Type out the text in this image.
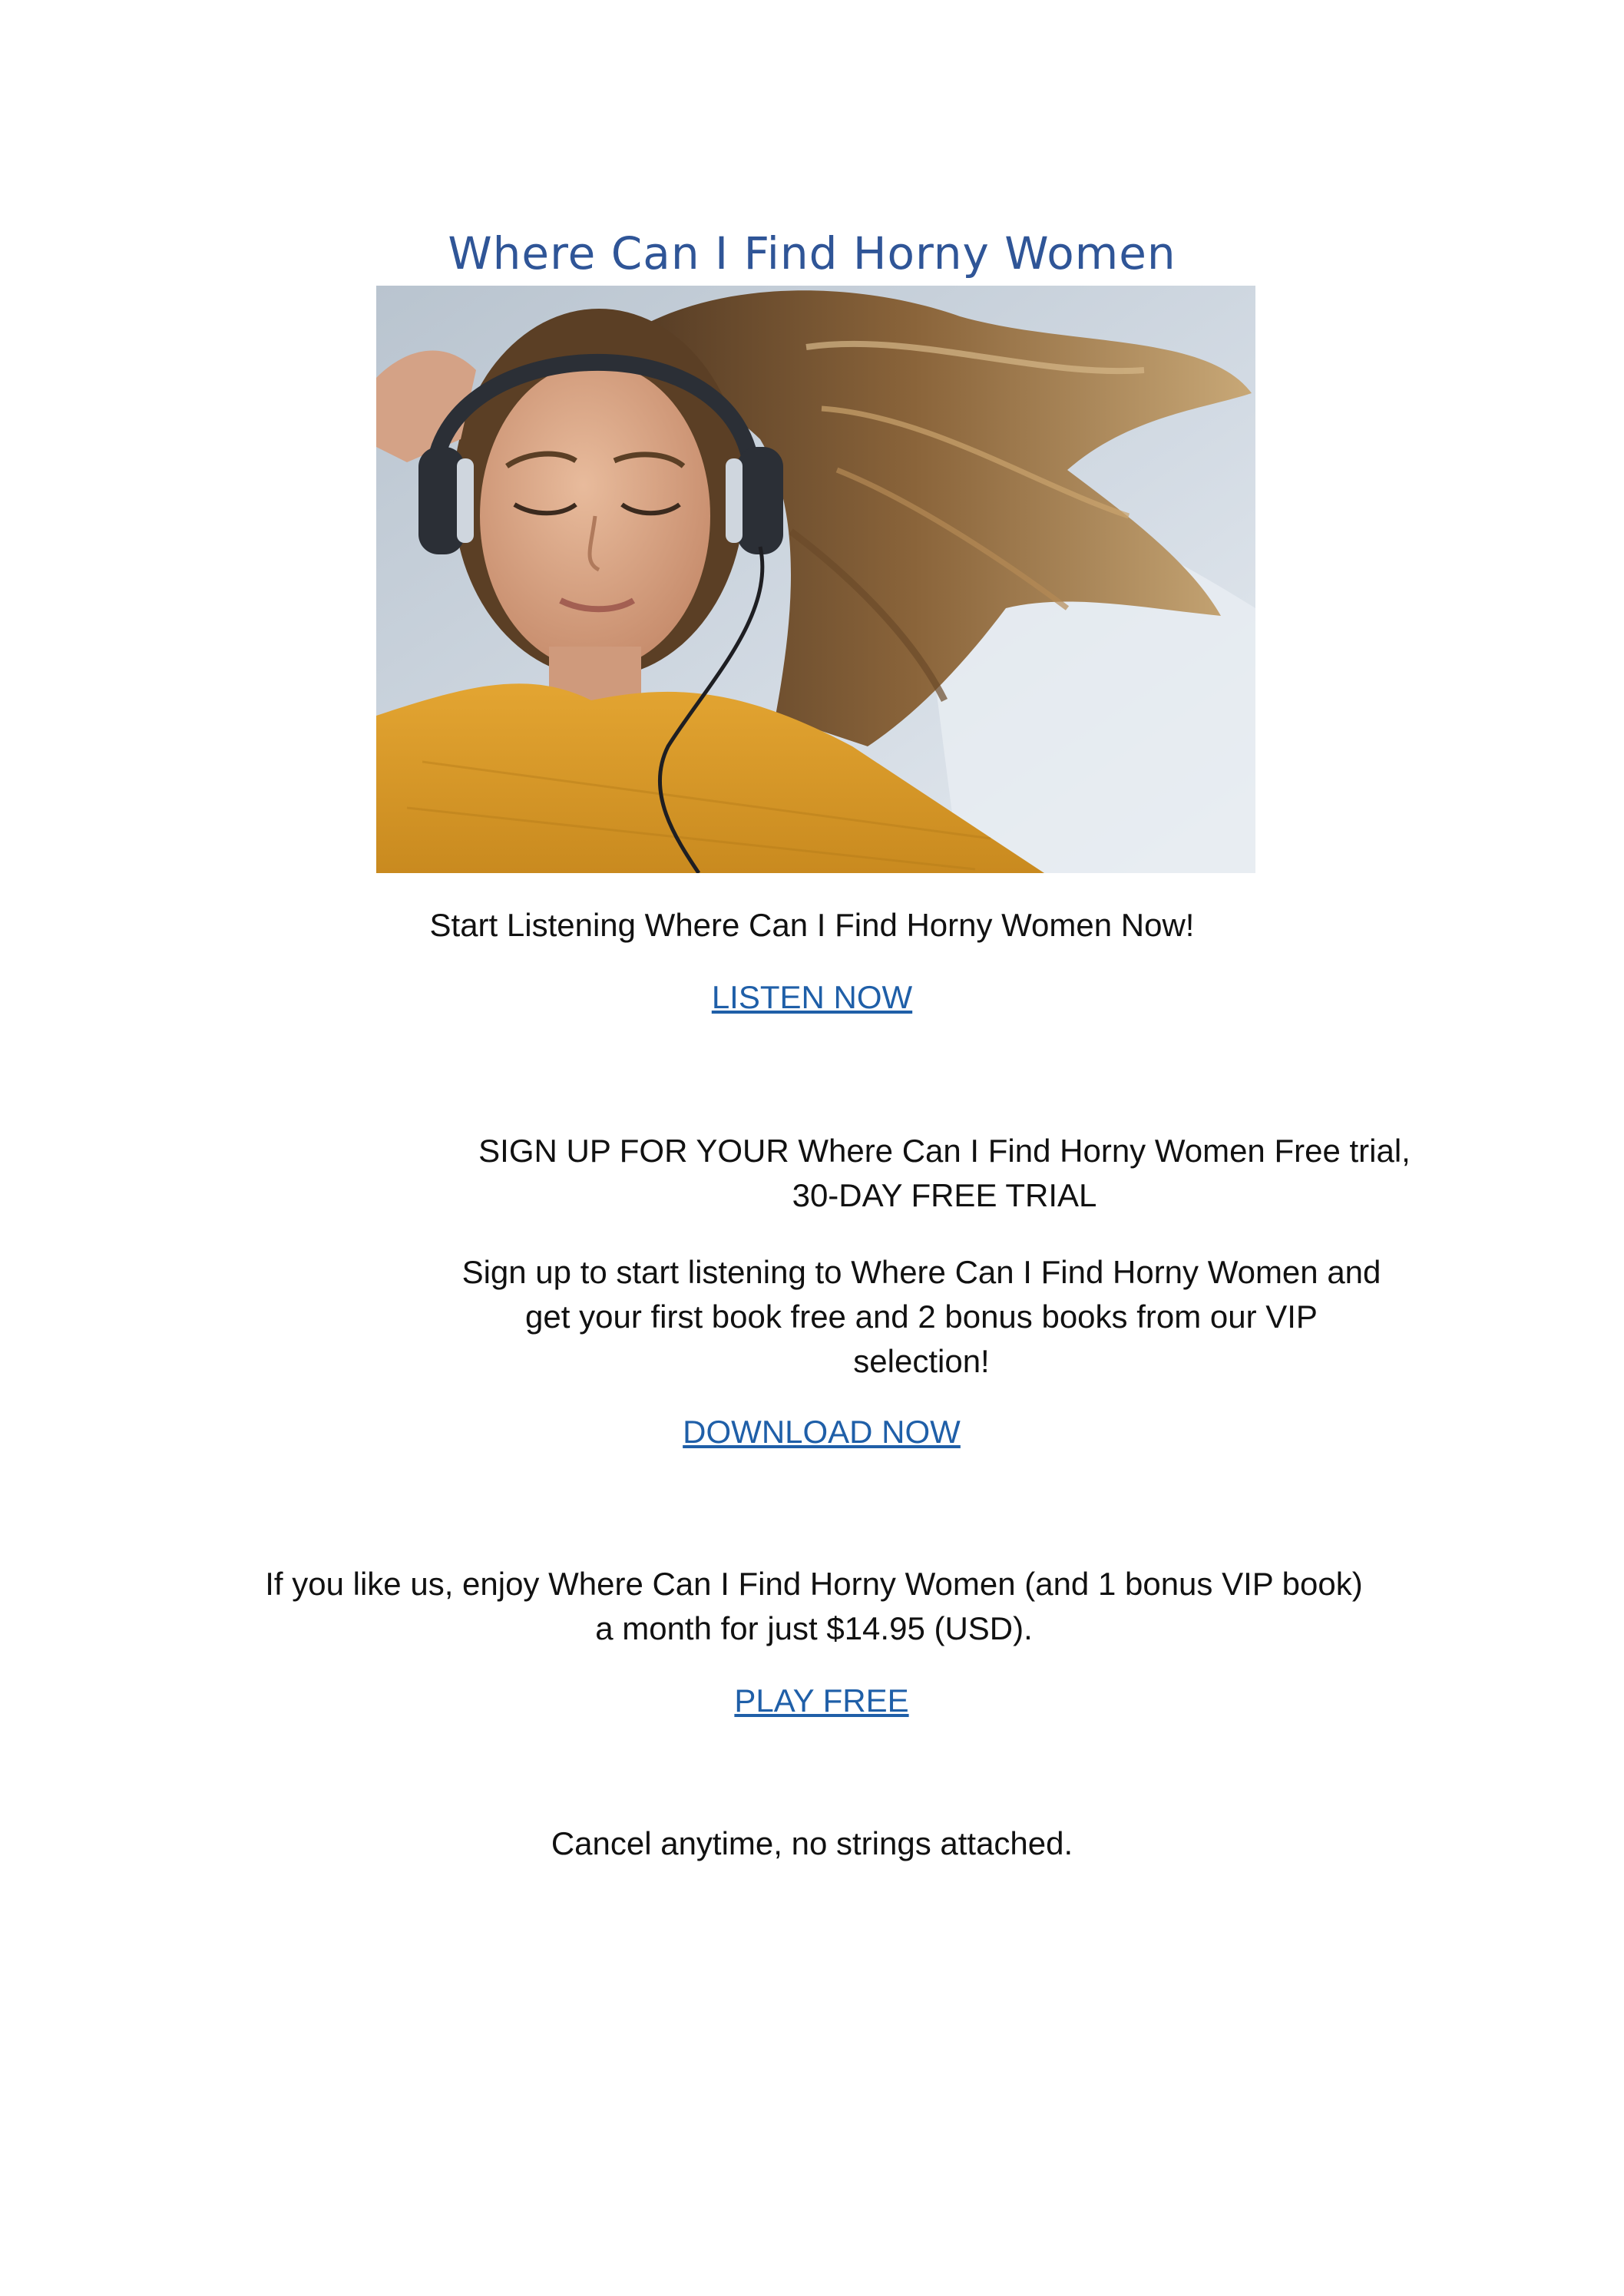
Where Can I Find Horny Women

Start Listening Where Can I Find Horny Women Now!

LISTEN NOW

SIGN UP FOR YOUR Where Can I Find Horny Women Free trial,

30-DAY FREE TRIAL

Sign up to start listening to Where Can I Find Horny Women and

get your first book free and 2 bonus books from our VIP

selection!

DOWNLOAD NOW

If you like us, enjoy Where Can I Find Horny Women (and 1 bonus VIP book)

a month for just $14.95 (USD).

PLAY FREE

Cancel anytime, no strings attached.
